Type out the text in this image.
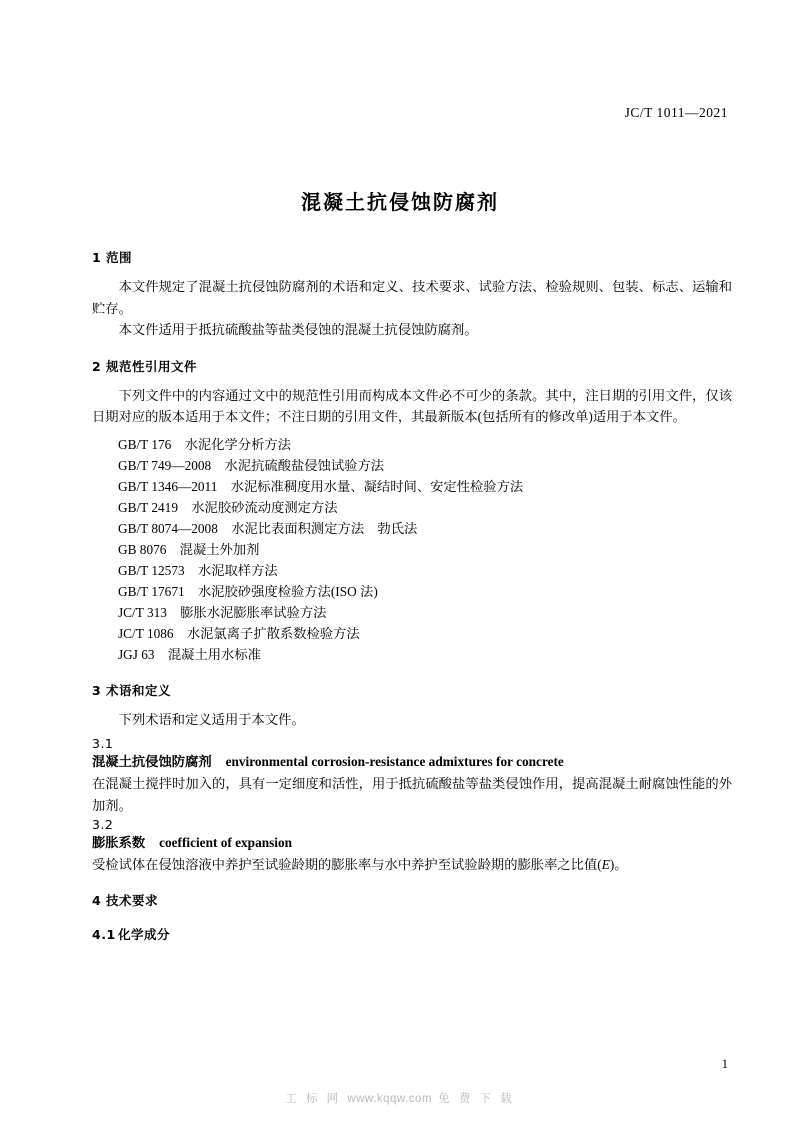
JC/T 1011—2021
混凝土抗侵蚀防腐剂
1 范围

本文件规定了混凝土抗侵蚀防腐剂的术语和定义、技术要求、试验方法、检验规则、包装、标志、运输和贮存。

本文件适用于抵抗硫酸盐等盐类侵蚀的混凝土抗侵蚀防腐剂。

2 规范性引用文件

下列文件中的内容通过文中的规范性引用而构成本文件必不可少的条款。其中，注日期的引用文件，仅该日期对应的版本适用于本文件；不注日期的引用文件，其最新版本(包括所有的修改单)适用于本文件。

GB/T 176　水泥化学分析方法

GB/T 749—2008　水泥抗硫酸盐侵蚀试验方法

GB/T 1346—2011　水泥标准稠度用水量、凝结时间、安定性检验方法

GB/T 2419　水泥胶砂流动度测定方法

GB/T 8074—2008　水泥比表面积测定方法　勃氏法

GB 8076　混凝土外加剂

GB/T 12573　水泥取样方法

GB/T 17671　水泥胶砂强度检验方法(ISO 法)

JC/T 313　膨胀水泥膨胀率试验方法

JC/T 1086　水泥氯离子扩散系数检验方法

JGJ 63　混凝土用水标准

3 术语和定义

下列术语和定义适用于本文件。

3.1
混凝土抗侵蚀防腐剂 environmental corrosion-resistance admixtures for concrete

在混凝土搅拌时加入的，具有一定细度和活性，用于抵抗硫酸盐等盐类侵蚀作用，提高混凝土耐腐蚀性能的外加剂。

3.2
膨胀系数 coefficient of expansion

受检试体在侵蚀溶液中养护至试验龄期的膨胀率与水中养护至试验龄期的膨胀率之比值(E)。

4 技术要求
4.1 化学成分
1
工 标 网 www.kqqw.com 免 费 下 载
